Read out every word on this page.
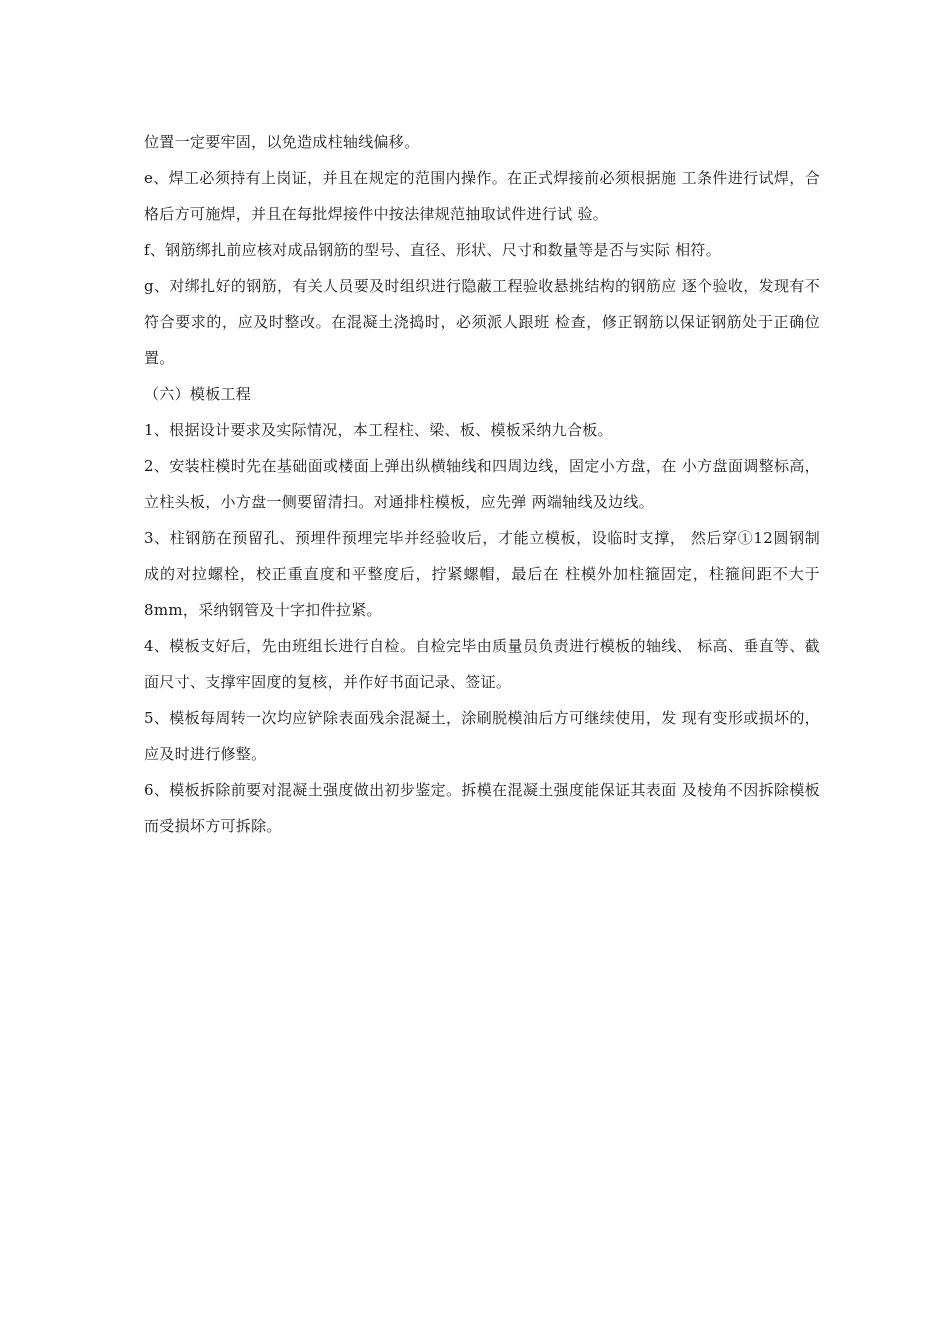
位置一定要牢固，以免造成柱轴线偏移。

e、焊工必须持有上岗证，并且在规定的范围内操作。在正式焊接前必须根据施 工条件进行试焊，合格后方可施焊，并且在每批焊接件中按法律规范抽取试件进行试 验。

f、钢筋绑扎前应核对成品钢筋的型号、直径、形状、尺寸和数量等是否与实际 相符。

g、对绑扎好的钢筋，有关人员要及时组织进行隐蔽工程验收悬挑结构的钢筋应 逐个验收，发现有不符合要求的，应及时整改。在混凝土浇捣时，必须派人跟班 检查，修正钢筋以保证钢筋处于正确位置。

（六）模板工程

1、根据设计要求及实际情况，本工程柱、梁、板、模板采纳九合板。

2、安装柱模时先在基础面或楼面上弹出纵横轴线和四周边线，固定小方盘，在 小方盘面调整标高，立柱头板，小方盘一侧要留清扫。对通排柱模板，应先弹 两端轴线及边线。

3、柱钢筋在预留孔、预埋件预埋完毕并经验收后，才能立模板，设临时支撑， 然后穿①12圆钢制成的对拉螺栓，校正重直度和平整度后，拧紧螺帽，最后在 柱模外加柱箍固定，柱箍间距不大于8mm，采纳钢管及十字扣件拉紧。

4、模板支好后，先由班组长进行自检。自检完毕由质量员负责进行模板的轴线、 标高、垂直等、截面尺寸、支撑牢固度的复核，并作好书面记录、签证。

5、模板每周转一次均应铲除表面残余混凝土，涂刷脱模油后方可继续使用，发 现有变形或损坏的，应及时进行修整。

6、模板拆除前要对混凝土强度做出初步鉴定。拆模在混凝土强度能保证其表面 及棱角不因拆除模板而受损坏方可拆除。
